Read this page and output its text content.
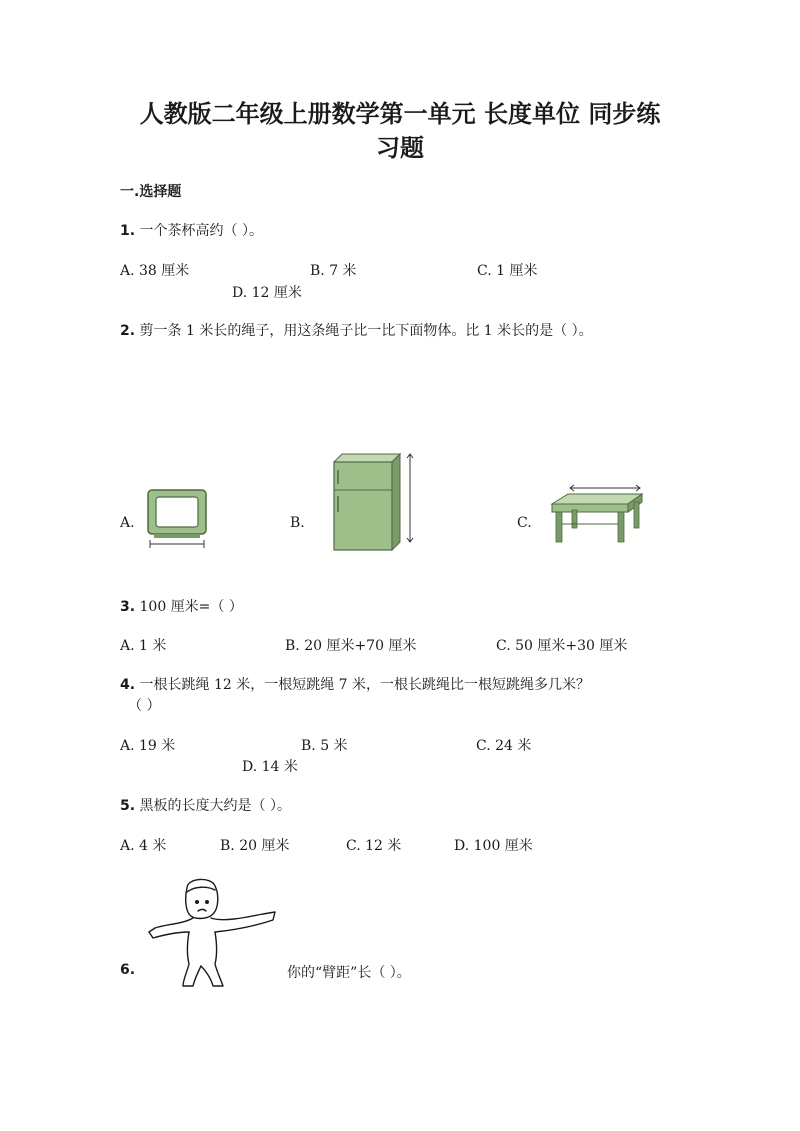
人教版二年级上册数学第一单元 长度单位 同步练
习题
一.选择题
1. 一个茶杯高约（ ）。
A. 38 厘米	B. 7 米	C. 1 厘米
D. 12 厘米
2. 剪一条 1 米长的绳子，用这条绳子比一比下面物体。比 1 米长的是（ ）。
A.	B.	C.
3. 100 厘米=（ ）
A. 1 米	B. 20 厘米+70 厘米	C. 50 厘米+30 厘米
4. 一根长跳绳 12 米，一根短跳绳 7 米，一根长跳绳比一根短跳绳多几米？
（ ）
A. 19 米	B. 5 米	C. 24 米
D. 14 米
5. 黑板的长度大约是（ ）。
A. 4 米	B. 20 厘米	C. 12 米	D. 100 厘米
6.	你的“臂距”长（ ）。
